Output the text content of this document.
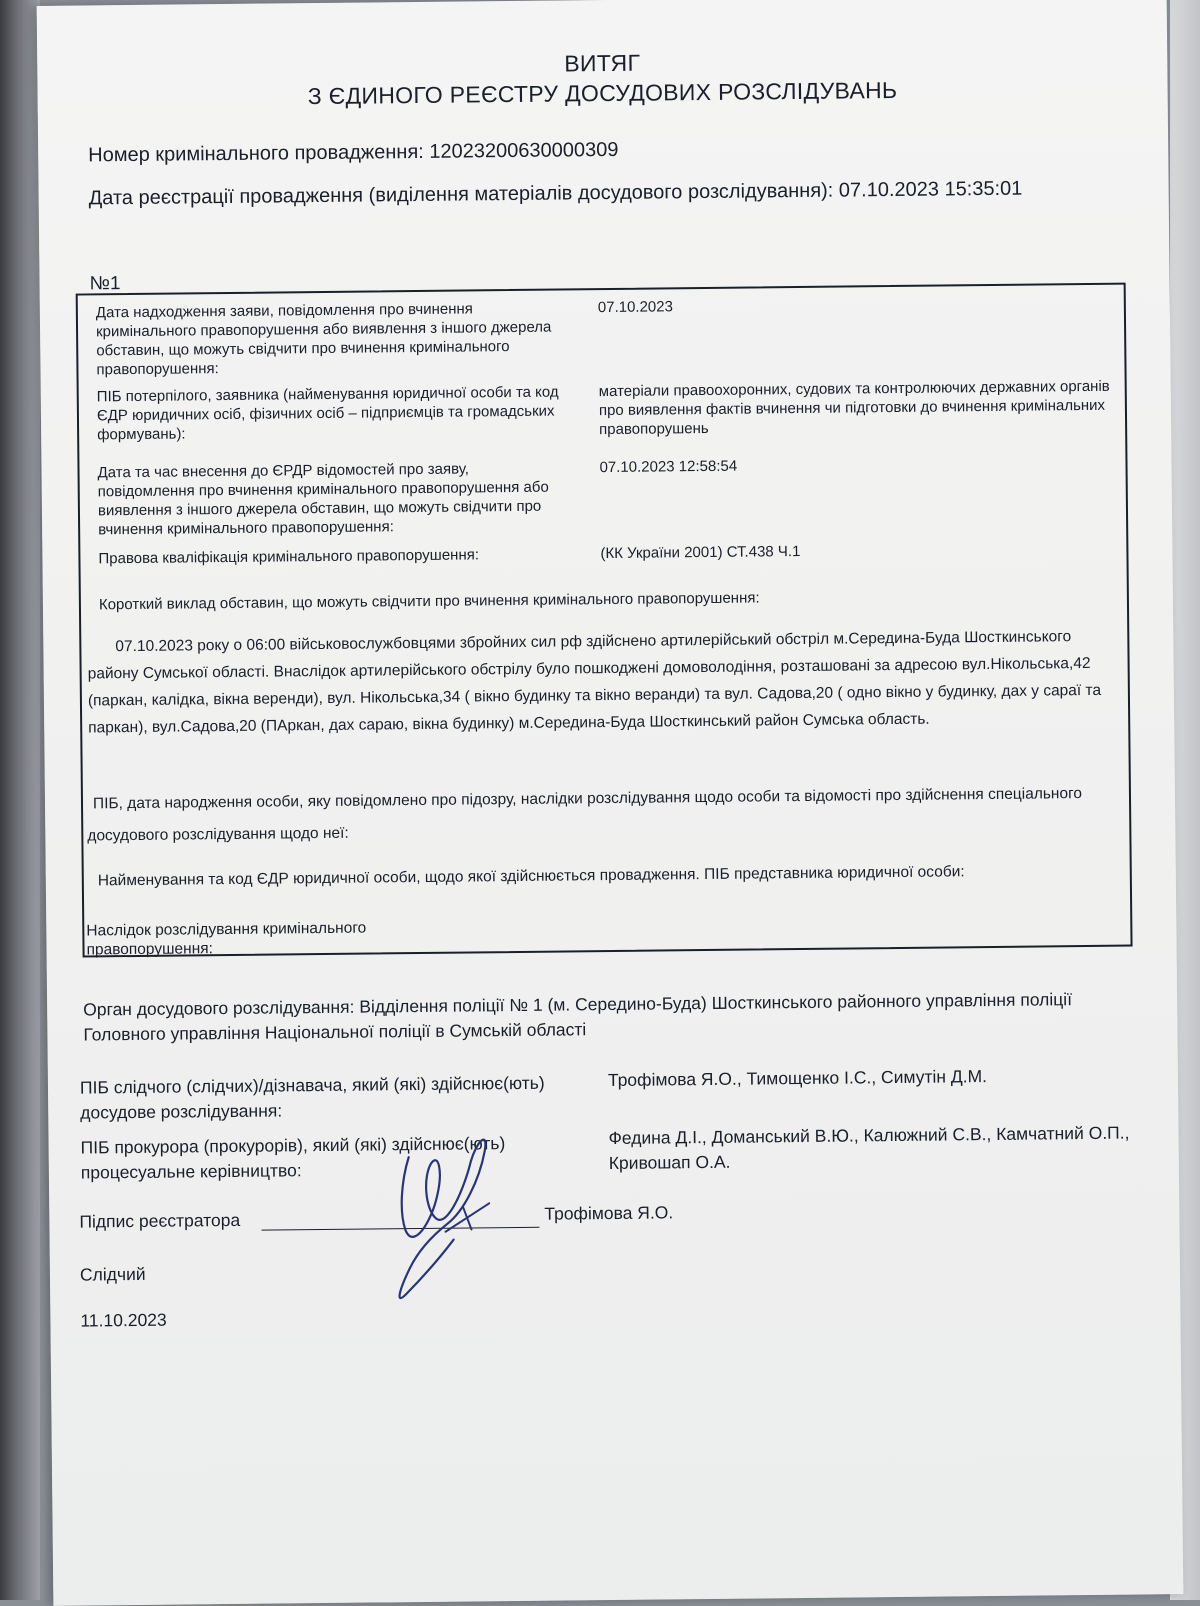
ВИТЯГ
З ЄДИНОГО РЕЄСТРУ ДОСУДОВИХ РОЗСЛІДУВАНЬ
Номер кримінального провадження: 12023200630000309
Дата реєстрації провадження (виділення матеріалів досудового розслідування): 07.10.2023 15:35:01
№1
Дата надходження заяви, повідомлення про вчинення кримінального правопорушення або виявлення з іншого джерела обставин, що можуть свідчити про вчинення кримінального правопорушення:
07.10.2023
ПІБ потерпілого, заявника (найменування юридичної особи та код ЄДР юридичних осіб, фізичних осіб – підприємців та громадських формувань):
матеріали правоохоронних, судових та контролюючих державних органів про виявлення фактів вчинення чи підготовки до вчинення кримінальних правопорушень
Дата та час внесення до ЄРДР відомостей про заяву, повідомлення про вчинення кримінального правопорушення або виявлення з іншого джерела обставин, що можуть свідчити про вчинення кримінального правопорушення:
07.10.2023 12:58:54
Правова кваліфікація кримінального правопорушення:	(КК України 2001) СТ.438 Ч.1
Короткий виклад обставин, що можуть свідчити про вчинення кримінального правопорушення:
07.10.2023 року о 06:00 військовослужбовцями збройних сил рф здійснено артилерійський обстріл м.Середина-Буда Шосткинського району Сумської області. Внаслідок артилерійського обстрілу було пошкоджені домоволодіння, розташовані за адресою вул.Нікольська,42 (паркан, калідка, вікна веренди), вул. Нікольська,34 ( вікно будинку та вікно веранди) та вул. Садова,20 ( одно вікно у будинку, дах у сараї та паркан), вул.Садова,20 (ПАркан, дах сараю, вікна будинку) м.Середина-Буда Шосткинський район Сумська область.
ПІБ, дата народження особи, яку повідомлено про підозру, наслідки розслідування щодо особи та відомості про здійснення спеціального досудового розслідування щодо неї:
Найменування та код ЄДР юридичної особи, щодо якої здійснюється провадження. ПІБ представника юридичної особи:
Наслідок розслідування кримінального правопорушення:
Орган досудового розслідування: Відділення поліції № 1 (м. Середино-Буда) Шосткинського районного управління поліції Головного управління Національної поліції в Сумській області
ПІБ слідчого (слідчих)/дізнавача, який (які) здійснює(ють) досудове розслідування:
Трофімова Я.О., Тимощенко І.С., Симутін Д.М.
ПІБ прокурора (прокурорів), який (які) здійснює(ють) процесуальне керівництво:
Федина Д.І., Доманський В.Ю., Калюжний С.В., Камчатний О.П., Кривошап О.А.
Підпис реєстратора	Трофімова Я.О.
Слідчий
11.10.2023
